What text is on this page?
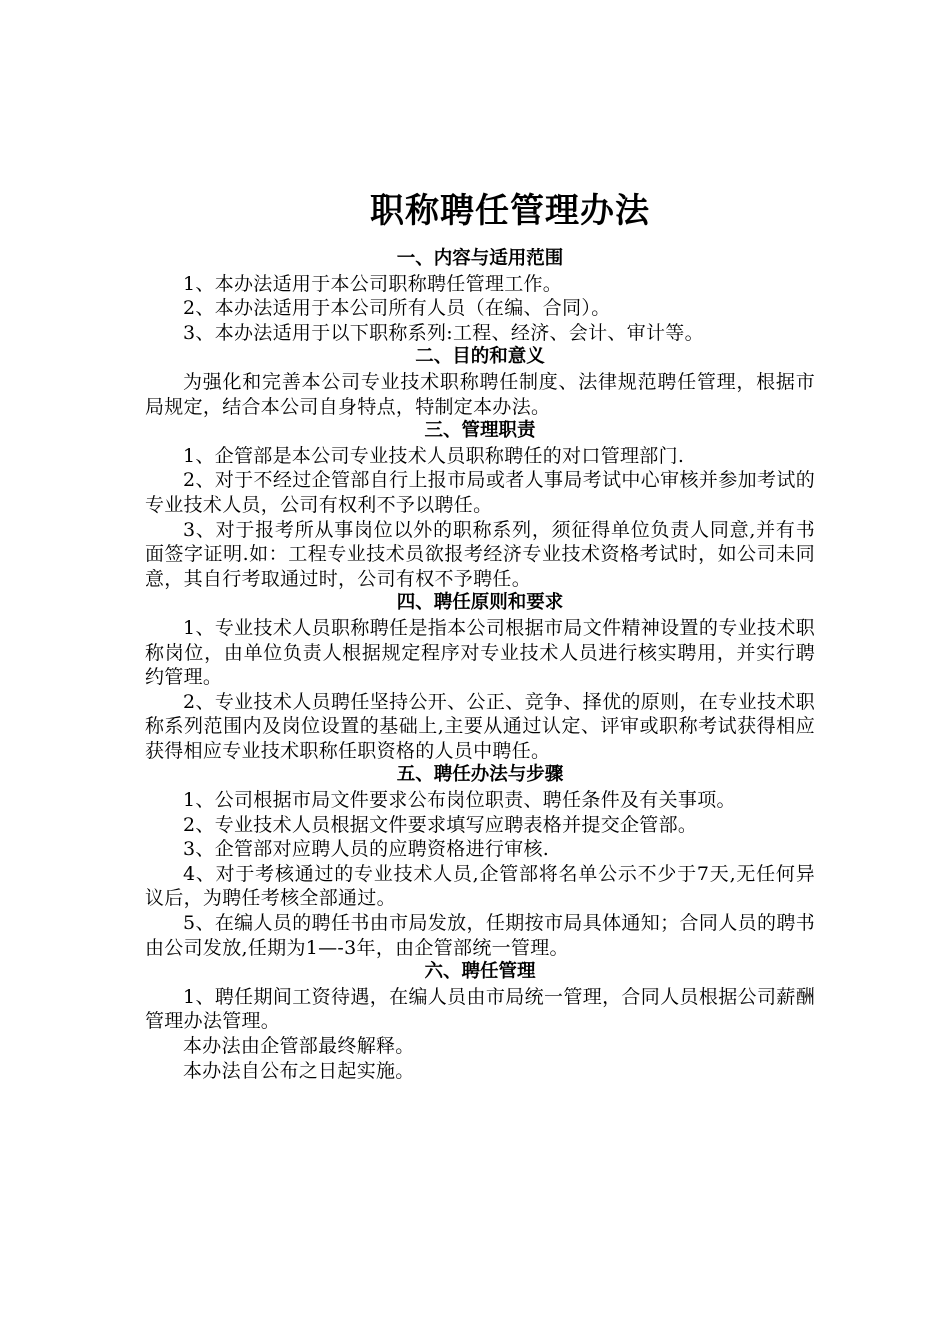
职称聘任管理办法

一、内容与适用范围

1、本办法适用于本公司职称聘任管理工作。

2、本办法适用于本公司所有人员（在编、合同）。

3、本办法适用于以下职称系列:工程、经济、会计、审计等。

二、目的和意义

为强化和完善本公司专业技术职称聘任制度、法律规范聘任管理，根据市局规定，结合本公司自身特点，特制定本办法。

三、管理职责

1、企管部是本公司专业技术人员职称聘任的对口管理部门.

2、对于不经过企管部自行上报市局或者人事局考试中心审核并参加考试的专业技术人员，公司有权利不予以聘任。

3、对于报考所从事岗位以外的职称系列，须征得单位负责人同意,并有书面签字证明.如：工程专业技术员欲报考经济专业技术资格考试时，如公司未同意，其自行考取通过时，公司有权不予聘任。

四、聘任原则和要求

1、专业技术人员职称聘任是指本公司根据市局文件精神设置的专业技术职称岗位，由单位负责人根据规定程序对专业技术人员进行核实聘用，并实行聘约管理。

2、专业技术人员聘任坚持公开、公正、竞争、择优的原则，在专业技术职称系列范围内及岗位设置的基础上,主要从通过认定、评审或职称考试获得相应获得相应专业技术职称任职资格的人员中聘任。

五、聘任办法与步骤

1、公司根据市局文件要求公布岗位职责、聘任条件及有关事项。

2、专业技术人员根据文件要求填写应聘表格并提交企管部。

3、企管部对应聘人员的应聘资格进行审核.

4、对于考核通过的专业技术人员,企管部将名单公示不少于7天,无任何异议后，为聘任考核全部通过。

5、在编人员的聘任书由市局发放，任期按市局具体通知；合同人员的聘书由公司发放,任期为1—-3年，由企管部统一管理。

六、聘任管理

1、聘任期间工资待遇，在编人员由市局统一管理，合同人员根据公司薪酬管理办法管理。

本办法由企管部最终解释。

本办法自公布之日起实施。
